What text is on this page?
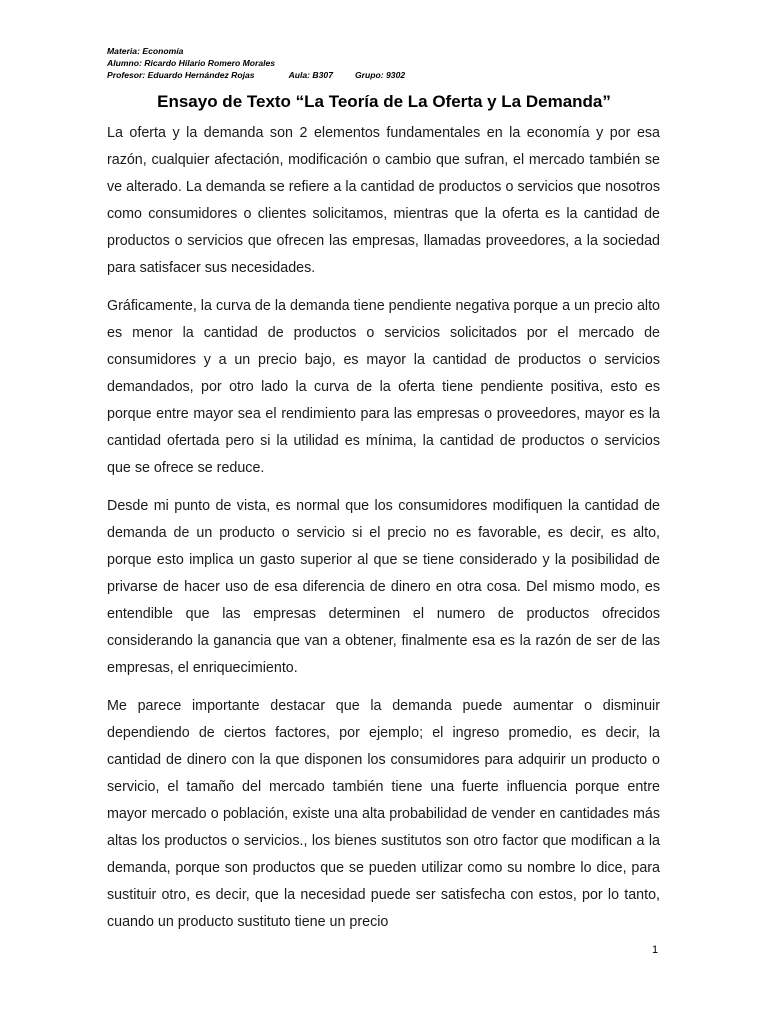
Materia: Economía
Alumno: Ricardo Hilario Romero Morales
Profesor: Eduardo Hernández Rojas	Aula: B307	Grupo: 9302
Ensayo de Texto “La Teoría de La Oferta y La Demanda”

La oferta y la demanda son 2 elementos fundamentales en la economía y por esa razón, cualquier afectación, modificación o cambio que sufran, el mercado también se ve alterado. La demanda se refiere a la cantidad de productos o servicios que nosotros como consumidores o clientes solicitamos, mientras que la oferta es la cantidad de productos o servicios que ofrecen las empresas, llamadas proveedores, a la sociedad para satisfacer sus necesidades.

Gráficamente, la curva de la demanda tiene pendiente negativa porque a un precio alto es menor la cantidad de productos o servicios solicitados por el mercado de consumidores y a un precio bajo, es mayor la cantidad de productos o servicios demandados, por otro lado la curva de la oferta tiene pendiente positiva, esto es porque entre mayor sea el rendimiento para las empresas o proveedores, mayor es la cantidad ofertada pero si la utilidad es mínima, la cantidad de productos o servicios que se ofrece se reduce.

Desde mi punto de vista, es normal que los consumidores modifiquen la cantidad de demanda de un producto o servicio si el precio no es favorable, es decir, es alto, porque esto implica un gasto superior al que se tiene considerado y la posibilidad de privarse de hacer uso de esa diferencia de dinero en otra cosa. Del mismo modo, es entendible que las empresas determinen el numero de productos ofrecidos considerando la ganancia que van a obtener, finalmente esa es la razón de ser de las empresas, el enriquecimiento.

Me parece importante destacar que la demanda puede aumentar o disminuir dependiendo de ciertos factores, por ejemplo; el ingreso promedio, es decir, la cantidad de dinero con la que disponen los consumidores para adquirir un producto o servicio, el tamaño del mercado también tiene una fuerte influencia porque entre mayor mercado o población, existe una alta probabilidad de vender en cantidades más altas los productos o servicios., los bienes sustitutos son otro factor que modifican a la demanda, porque son productos que se pueden utilizar como su nombre lo dice, para sustituir otro, es decir, que la necesidad puede ser satisfecha con estos, por lo tanto, cuando un producto sustituto tiene un precio

1
